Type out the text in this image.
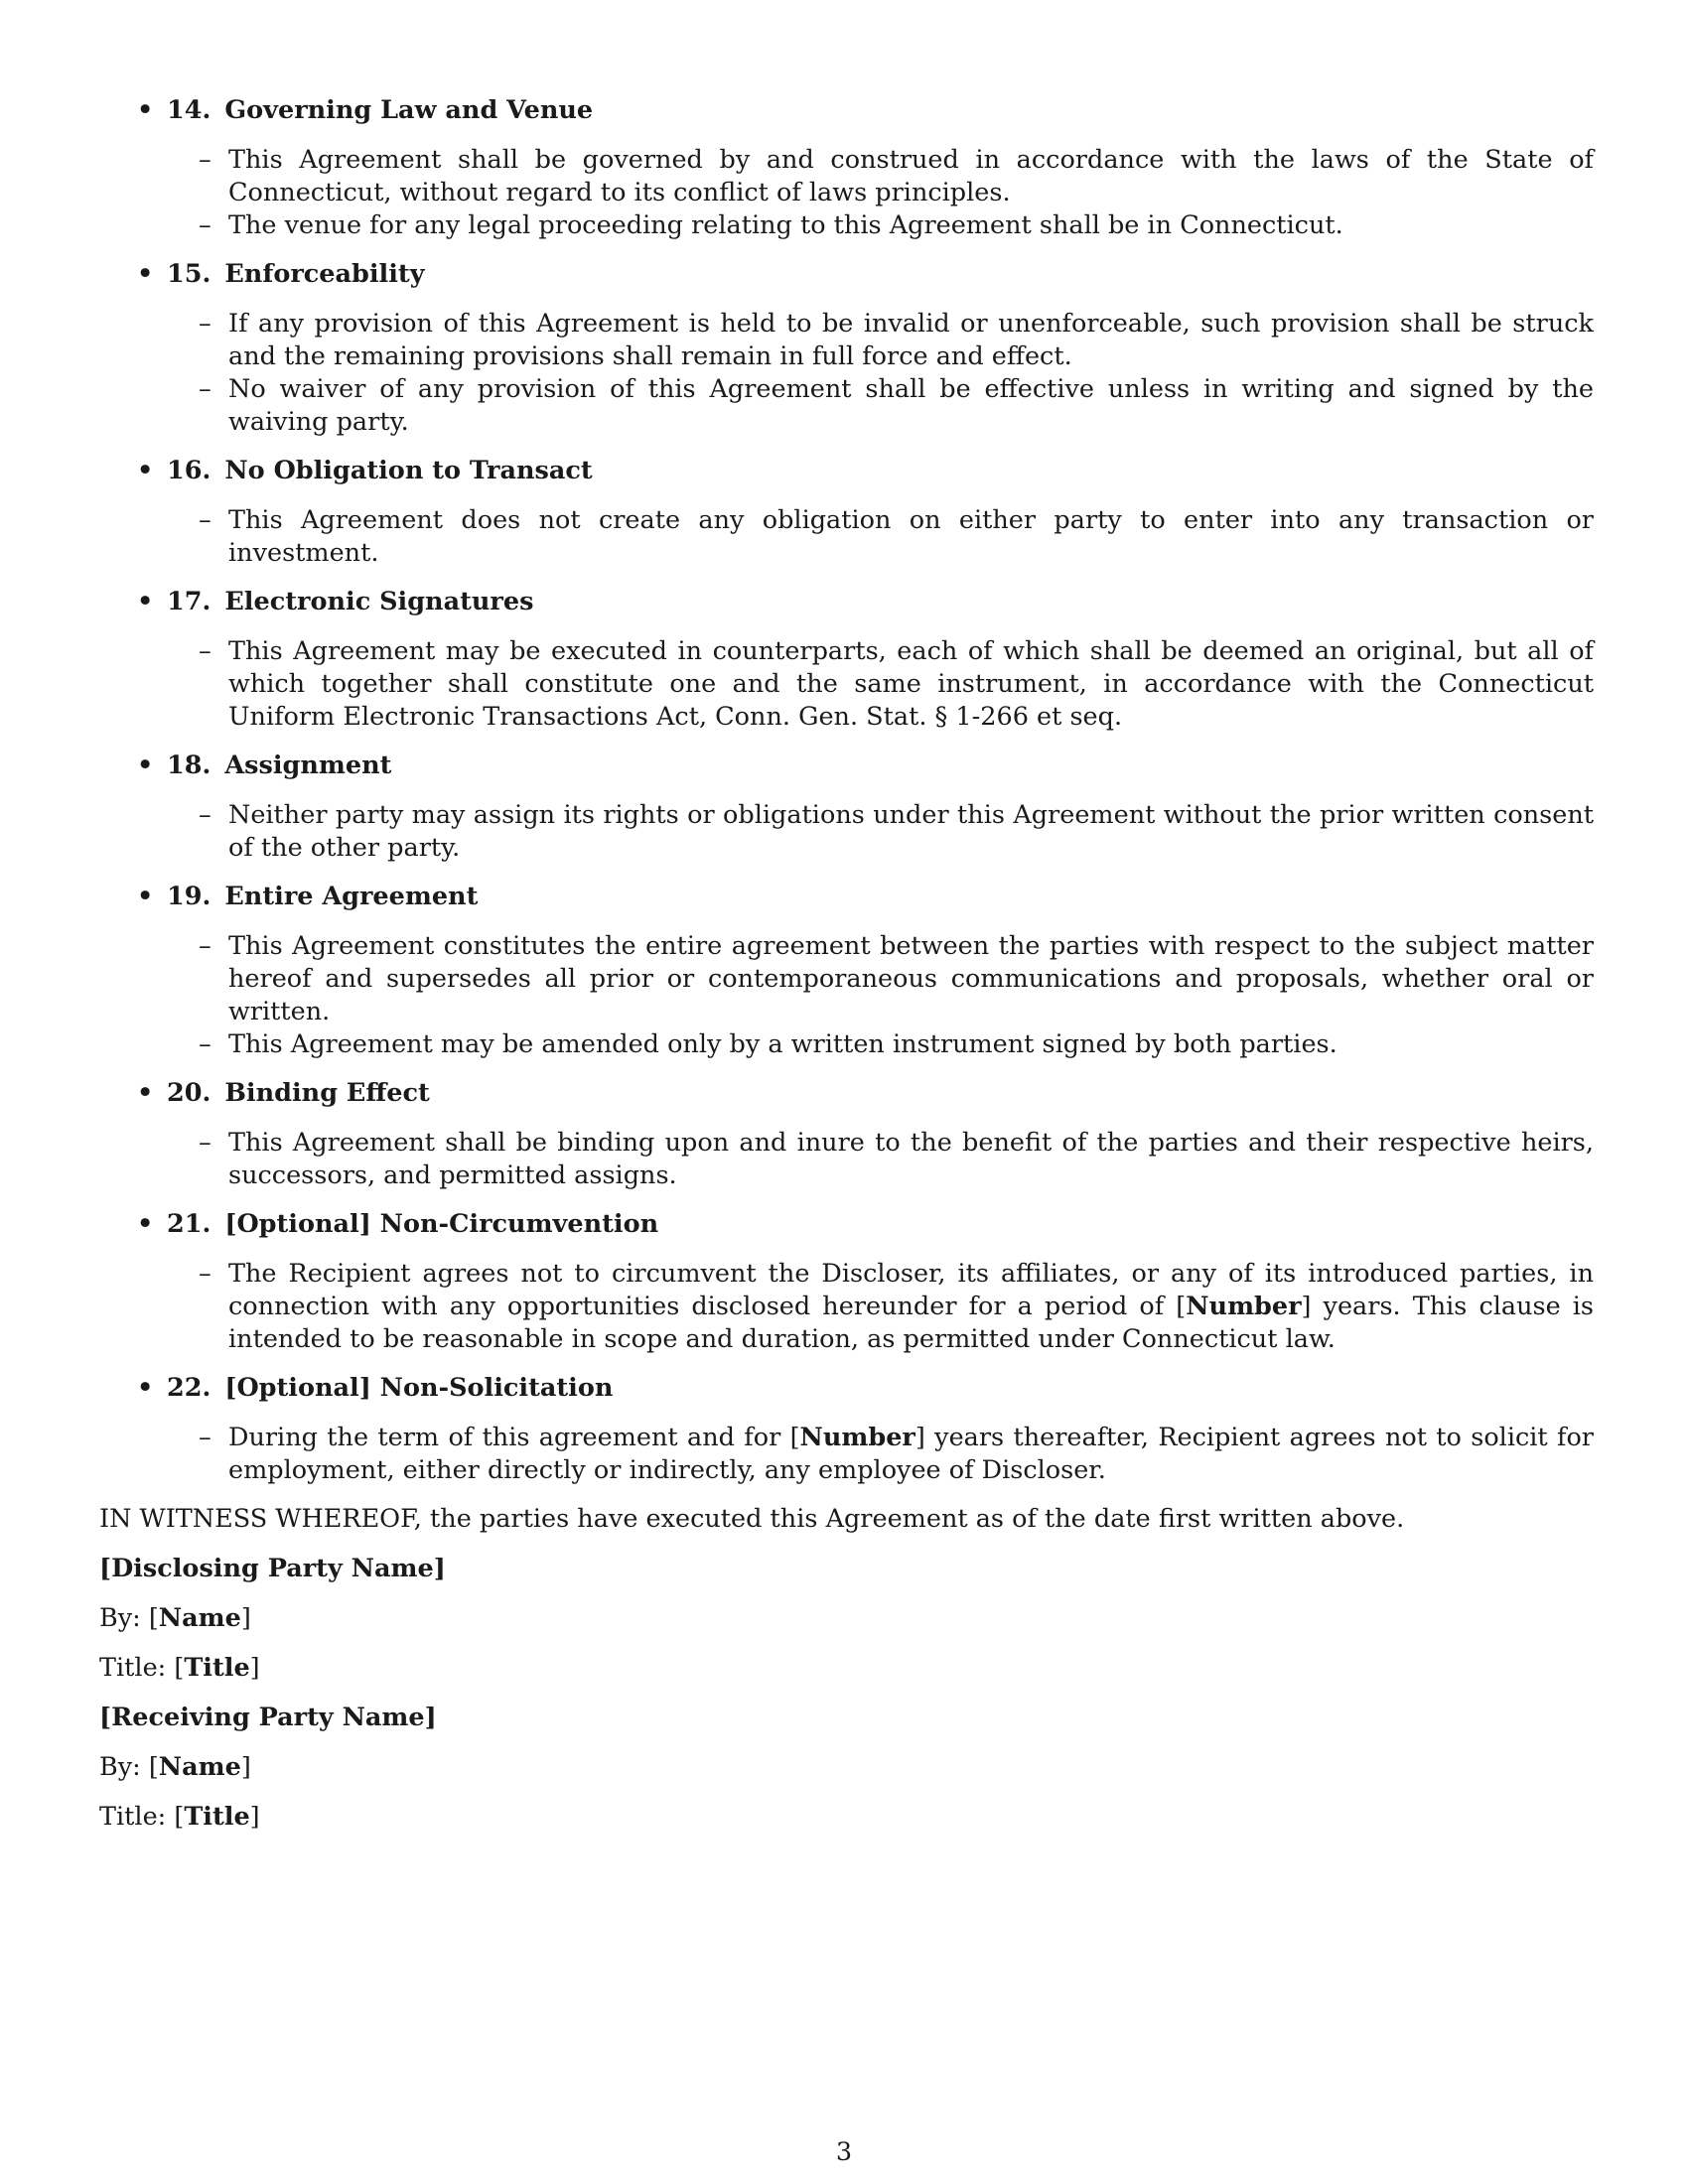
• 14. Governing Law and Venue
– This Agreement shall be governed by and construed in accordance with the laws of the State of Connecticut, without regard to its conflict of laws principles.
– The venue for any legal proceeding relating to this Agreement shall be in Connecticut.
• 15. Enforceability
– If any provision of this Agreement is held to be invalid or unenforceable, such provision shall be struck and the remaining provisions shall remain in full force and effect.
– No waiver of any provision of this Agreement shall be effective unless in writing and signed by the waiving party.
• 16. No Obligation to Transact
– This Agreement does not create any obligation on either party to enter into any transaction or investment.
• 17. Electronic Signatures
– This Agreement may be executed in counterparts, each of which shall be deemed an original, but all of which together shall constitute one and the same instrument, in accordance with the Connecticut Uniform Electronic Transactions Act, Conn. Gen. Stat. § 1-266 et seq.
• 18. Assignment
– Neither party may assign its rights or obligations under this Agreement without the prior written consent of the other party.
• 19. Entire Agreement
– This Agreement constitutes the entire agreement between the parties with respect to the subject matter hereof and supersedes all prior or contemporaneous communications and proposals, whether oral or written.
– This Agreement may be amended only by a written instrument signed by both parties.
• 20. Binding Effect
– This Agreement shall be binding upon and inure to the benefit of the parties and their respective heirs, successors, and permitted assigns.
• 21. [Optional] Non-Circumvention
– The Recipient agrees not to circumvent the Discloser, its affiliates, or any of its introduced parties, in connection with any opportunities disclosed hereunder for a period of [Number] years. This clause is intended to be reasonable in scope and duration, as permitted under Connecticut law.
• 22. [Optional] Non-Solicitation
– During the term of this agreement and for [Number] years thereafter, Recipient agrees not to solicit for employment, either directly or indirectly, any employee of Discloser.
IN WITNESS WHEREOF, the parties have executed this Agreement as of the date first written above.
[Disclosing Party Name]
By: [Name]
Title: [Title]
[Receiving Party Name]
By: [Name]
Title: [Title]
3
